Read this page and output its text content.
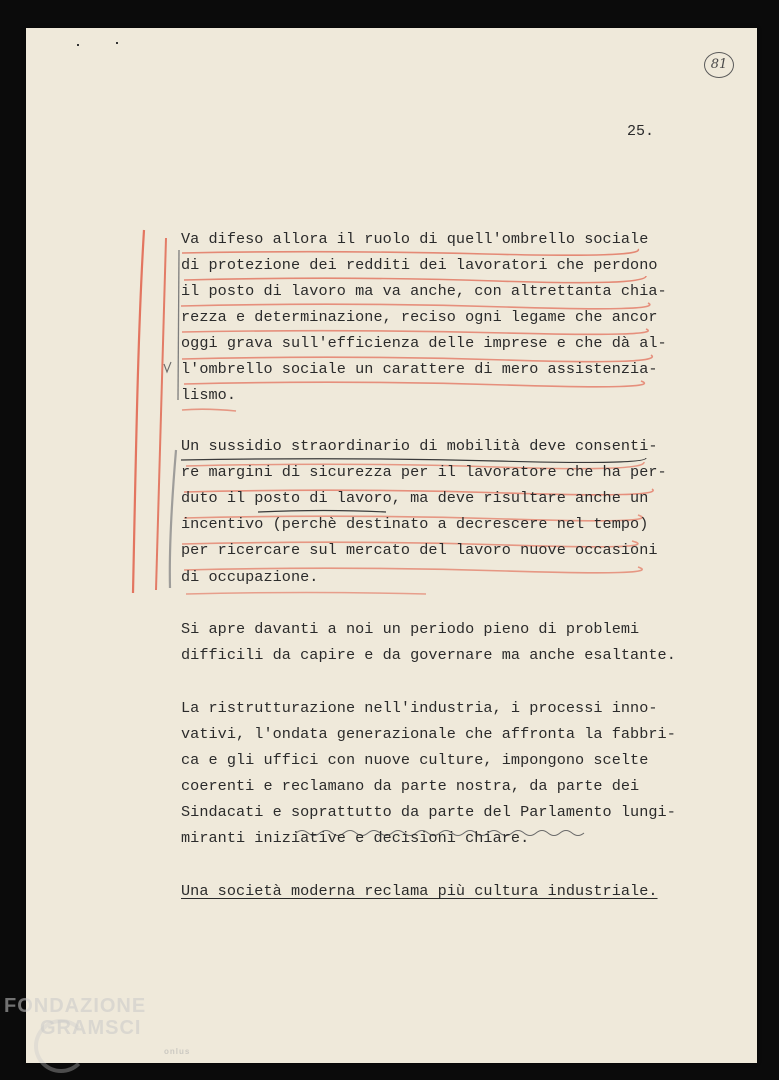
81
25.
Va difeso allora il ruolo di quell'ombrello sociale
di protezione dei redditi dei lavoratori che perdono
il posto di lavoro ma va anche, con altrettanta chia-
rezza e determinazione, reciso ogni legame che ancor
oggi grava sull'efficienza delle imprese e che dà al-
l'ombrello sociale un carattere di mero assistenzia-
lismo.
Un sussidio straordinario di mobilità deve consenti-
re margini di sicurezza per il lavoratore che ha per-
duto il posto di lavoro, ma deve risultare anche un
incentivo (perchè destinato a decrescere nel tempo)
per ricercare sul mercato del lavoro nuove occasioni
di occupazione.
Si apre davanti a noi un periodo pieno di problemi
difficili da capire e da governare ma anche esaltante.
La ristrutturazione nell'industria, i processi inno-
vativi, l'ondata generazionale che affronta la fabbri-
ca e gli uffici con nuove culture, impongono scelte
coerenti e reclamano da parte nostra, da parte dei
Sindacati e soprattutto da parte del Parlamento lungi-
miranti iniziative e decisioni chiare.
Una società moderna reclama più cultura industriale.
FONDAZIONE
GRAMSCI
onlus
